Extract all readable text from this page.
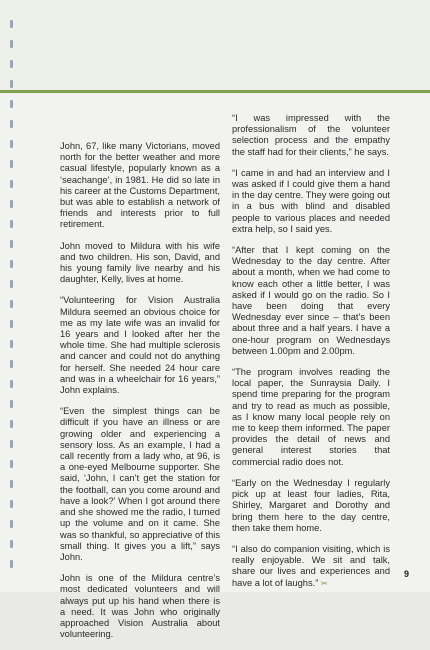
John, 67, like many Victorians, moved north for the better weather and more casual lifestyle, popularly known as a ‘seachange’, in 1981. He did so late in his career at the Customs Department, but was able to establish a network of friends and interests prior to full retirement.

John moved to Mildura with his wife and two children. His son, David, and his young family live nearby and his daughter, Kelly, lives at home.

“Volunteering for Vision Australia Mildura seemed an obvious choice for me as my late wife was an invalid for 16 years and I looked after her the whole time. She had multiple sclerosis and cancer and could not do anything for herself. She needed 24 hour care and was in a wheelchair for 16 years,” John explains.

“Even the simplest things can be difficult if you have an illness or are growing older and experiencing a sensory loss. As an example, I had a call recently from a lady who, at 96, is a one-eyed Melbourne supporter. She said, ‘John, I can’t get the station for the football, can you come around and have a look?’ When I got around there and she showed me the radio, I turned up the volume and on it came. She was so thankful, so appreciative of this small thing. It gives you a lift,” says John.

John is one of the Mildura centre’s most dedicated volunteers and will always put up his hand when there is a need. It was John who originally approached Vision Australia about volunteering.

“I was impressed with the professionalism of the volunteer selection process and the empathy the staff had for their clients,” he says.

“I came in and had an interview and I was asked if I could give them a hand in the day centre. They were going out in a bus with blind and disabled people to various places and needed extra help, so I said yes.

“After that I kept coming on the Wednesday to the day centre. After about a month, when we had come to know each other a little better, I was asked if I would go on the radio. So I have been doing that every Wednesday ever since – that’s been about three and a half years. I have a one-hour program on Wednesdays between 1.00pm and 2.00pm.

“The program involves reading the local paper, the Sunraysia Daily. I spend time preparing for the program and try to read as much as possible, as I know many local people rely on me to keep them informed. The paper provides the detail of news and general interest stories that commercial radio does not.

“Early on the Wednesday I regularly pick up at least four ladies, Rita, Shirley, Margaret and Dorothy and bring them here to the day centre, then take them home.

“I also do companion visiting, which is really enjoyable. We sit and talk, share our lives and experiences and have a lot of laughs.” ✂

9
